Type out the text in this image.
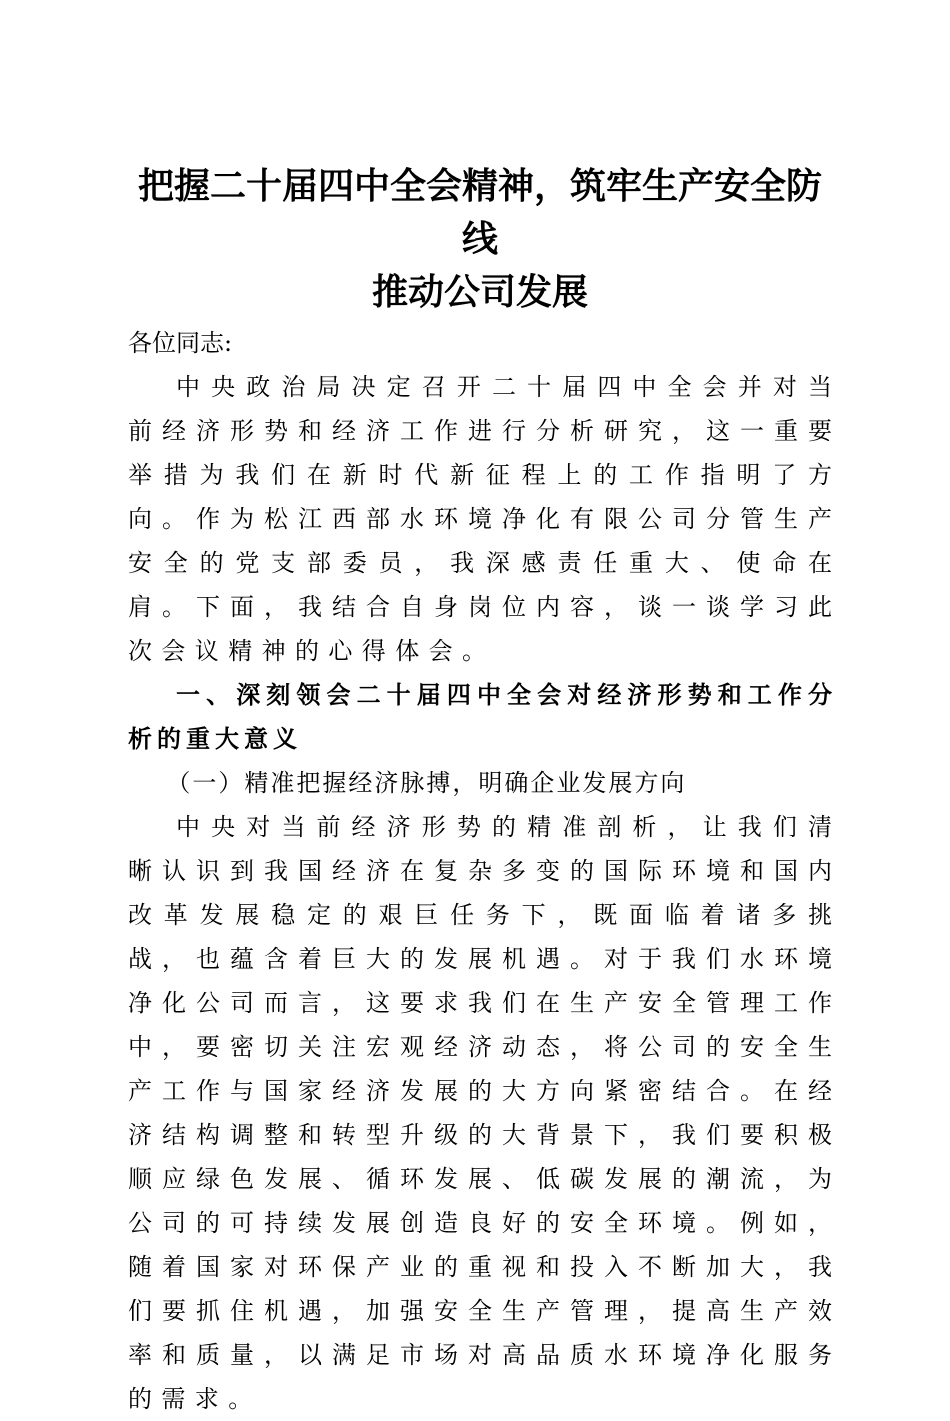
把握二十届四中全会精神，筑牢生产安全防线
推动公司发展

各位同志:

中央政治局决定召开二十届四中全会并对当前经济形势和经济工作进行分析研究，这一重要举措为我们在新时代新征程上的工作指明了方向。作为松江西部水环境净化有限公司分管生产安全的党支部委员，我深感责任重大、使命在肩。下面，我结合自身岗位内容，谈一谈学习此次会议精神的心得体会。

一、深刻领会二十届四中全会对经济形势和工作分析的重大意义

（一）精准把握经济脉搏，明确企业发展方向

中央对当前经济形势的精准剖析，让我们清晰认识到我国经济在复杂多变的国际环境和国内改革发展稳定的艰巨任务下，既面临着诸多挑战，也蕴含着巨大的发展机遇。对于我们水环境净化公司而言，这要求我们在生产安全管理工作中，要密切关注宏观经济动态，将公司的安全生产工作与国家经济发展的大方向紧密结合。在经济结构调整和转型升级的大背景下，我们要积极顺应绿色发展、循环发展、低碳发展的潮流，为公司的可持续发展创造良好的安全环境。例如，随着国家对环保产业的重视和投入不断加大，我们要抓住机遇，加强安全生产管理，提高生产效率和质量，以满足市场对高品质水环境净化服务的需求。
